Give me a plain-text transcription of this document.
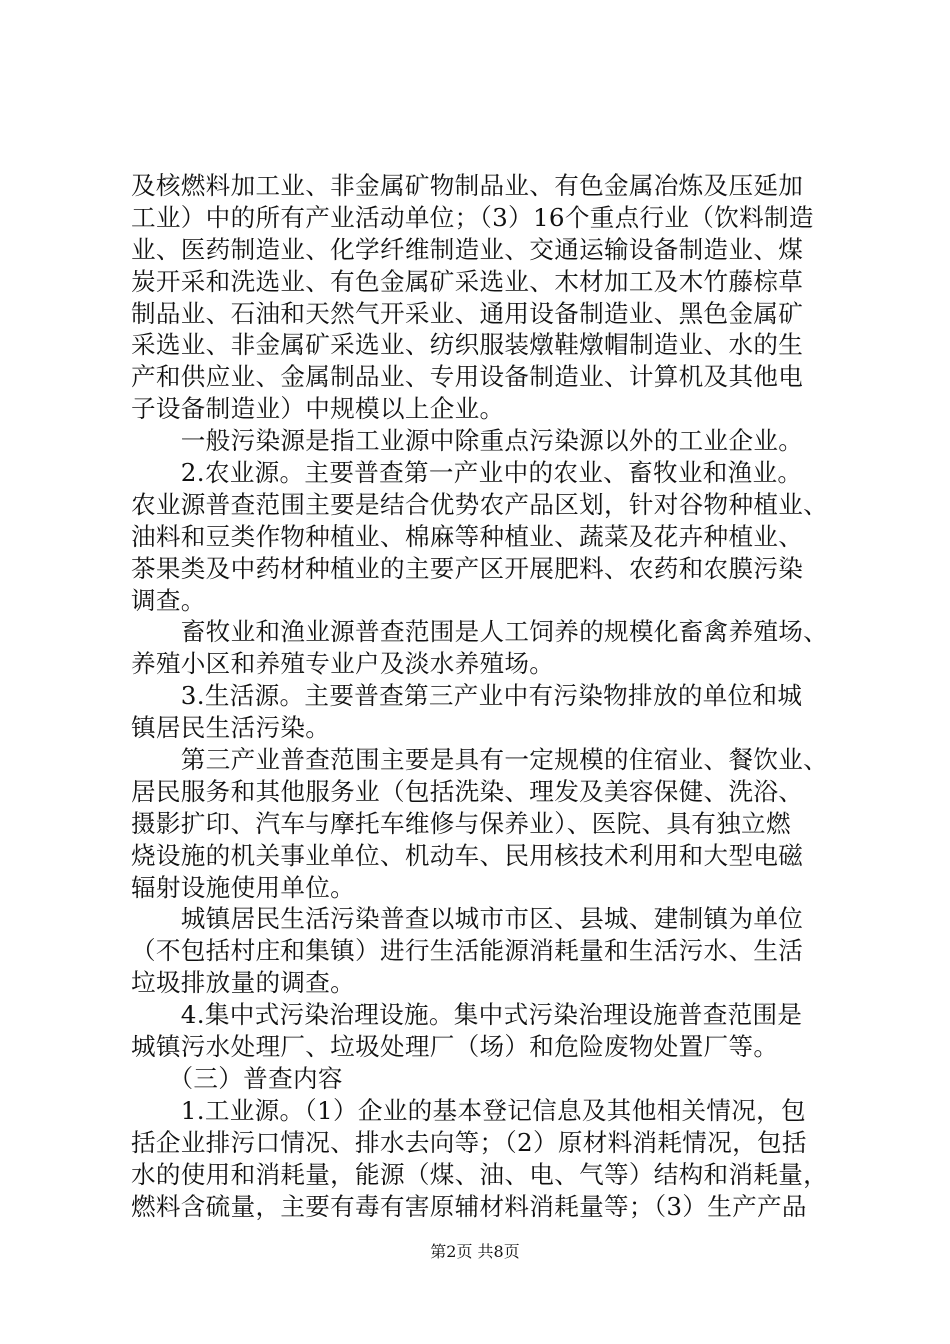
及核燃料加工业、非金属矿物制品业、有色金属冶炼及压延加
工业）中的所有产业活动单位；（3）16个重点行业（饮料制造
业、医药制造业、化学纤维制造业、交通运输设备制造业、煤
炭开采和洗选业、有色金属矿采选业、木材加工及木竹藤棕草
制品业、石油和天然气开采业、通用设备制造业、黑色金属矿
采选业、非金属矿采选业、纺织服装燉鞋燉帽制造业、水的生
产和供应业、金属制品业、专用设备制造业、计算机及其他电
子设备制造业）中规模以上企业。
　　一般污染源是指工业源中除重点污染源以外的工业企业。
　　2.农业源。主要普查第一产业中的农业、畜牧业和渔业。
农业源普查范围主要是结合优势农产品区划，针对谷物种植业、
油料和豆类作物种植业、棉麻等种植业、蔬菜及花卉种植业、
茶果类及中药材种植业的主要产区开展肥料、农药和农膜污染
调查。
　　畜牧业和渔业源普查范围是人工饲养的规模化畜禽养殖场、
养殖小区和养殖专业户及淡水养殖场。
　　3.生活源。主要普查第三产业中有污染物排放的单位和城
镇居民生活污染。
　　第三产业普查范围主要是具有一定规模的住宿业、餐饮业、
居民服务和其他服务业（包括洗染、理发及美容保健、洗浴、
摄影扩印、汽车与摩托车维修与保养业）、医院、具有独立燃
烧设施的机关事业单位、机动车、民用核技术利用和大型电磁
辐射设施使用单位。
　　城镇居民生活污染普查以城市市区、县城、建制镇为单位
（不包括村庄和集镇）进行生活能源消耗量和生活污水、生活
垃圾排放量的调查。
　　4.集中式污染治理设施。集中式污染治理设施普查范围是
城镇污水处理厂、垃圾处理厂（场）和危险废物处置厂等。
　　（三）普查内容
　　1.工业源。（1）企业的基本登记信息及其他相关情况，包
括企业排污口情况、排水去向等；（2）原材料消耗情况，包括
水的使用和消耗量，能源（煤、油、电、气等）结构和消耗量，
燃料含硫量，主要有毒有害原辅材料消耗量等；（3）生产产品
第2页 共8页
